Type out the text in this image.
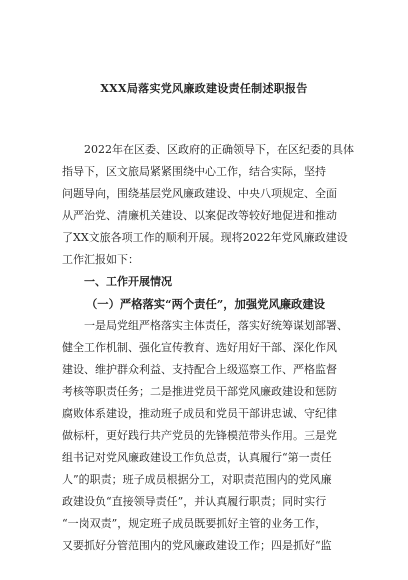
XXX局落实党风廉政建设责任制述职报告
2022年在区委、区政府的正确领导下，在区纪委的具体
指导下，区文旅局紧紧围绕中心工作，结合实际，坚持
问题导向，围绕基层党风廉政建设、中央八项规定、全面
从严治党、清廉机关建设、以案促改等较好地促进和推动
了XX文旅各项工作的顺利开展。现将2022年党风廉政建设
工作汇报如下：
一、工作开展情况
（一）严格落实“两个责任”，加强党风廉政建设
一是局党组严格落实主体责任，落实好统筹谋划部署、
健全工作机制、强化宣传教育、选好用好干部、深化作风
建设、维护群众利益、支持配合上级巡察工作、严格监督
考核等职责任务；二是推进党员干部党风廉政建设和惩防
腐败体系建设，推动班子成员和党员干部讲忠诚、守纪律
做标杆，更好践行共产党员的先锋模范带头作用。三是党
组书记对党风廉政建设工作负总责，认真履行“第一责任
人”的职责；班子成员根据分工，对职责范围内的党风廉
政建设负“直接领导责任”，并认真履行职责；同时实行
“一岗双责”，规定班子成员既要抓好主管的业务工作，
又要抓好分管范围内的党风廉政建设工作；四是抓好“监
